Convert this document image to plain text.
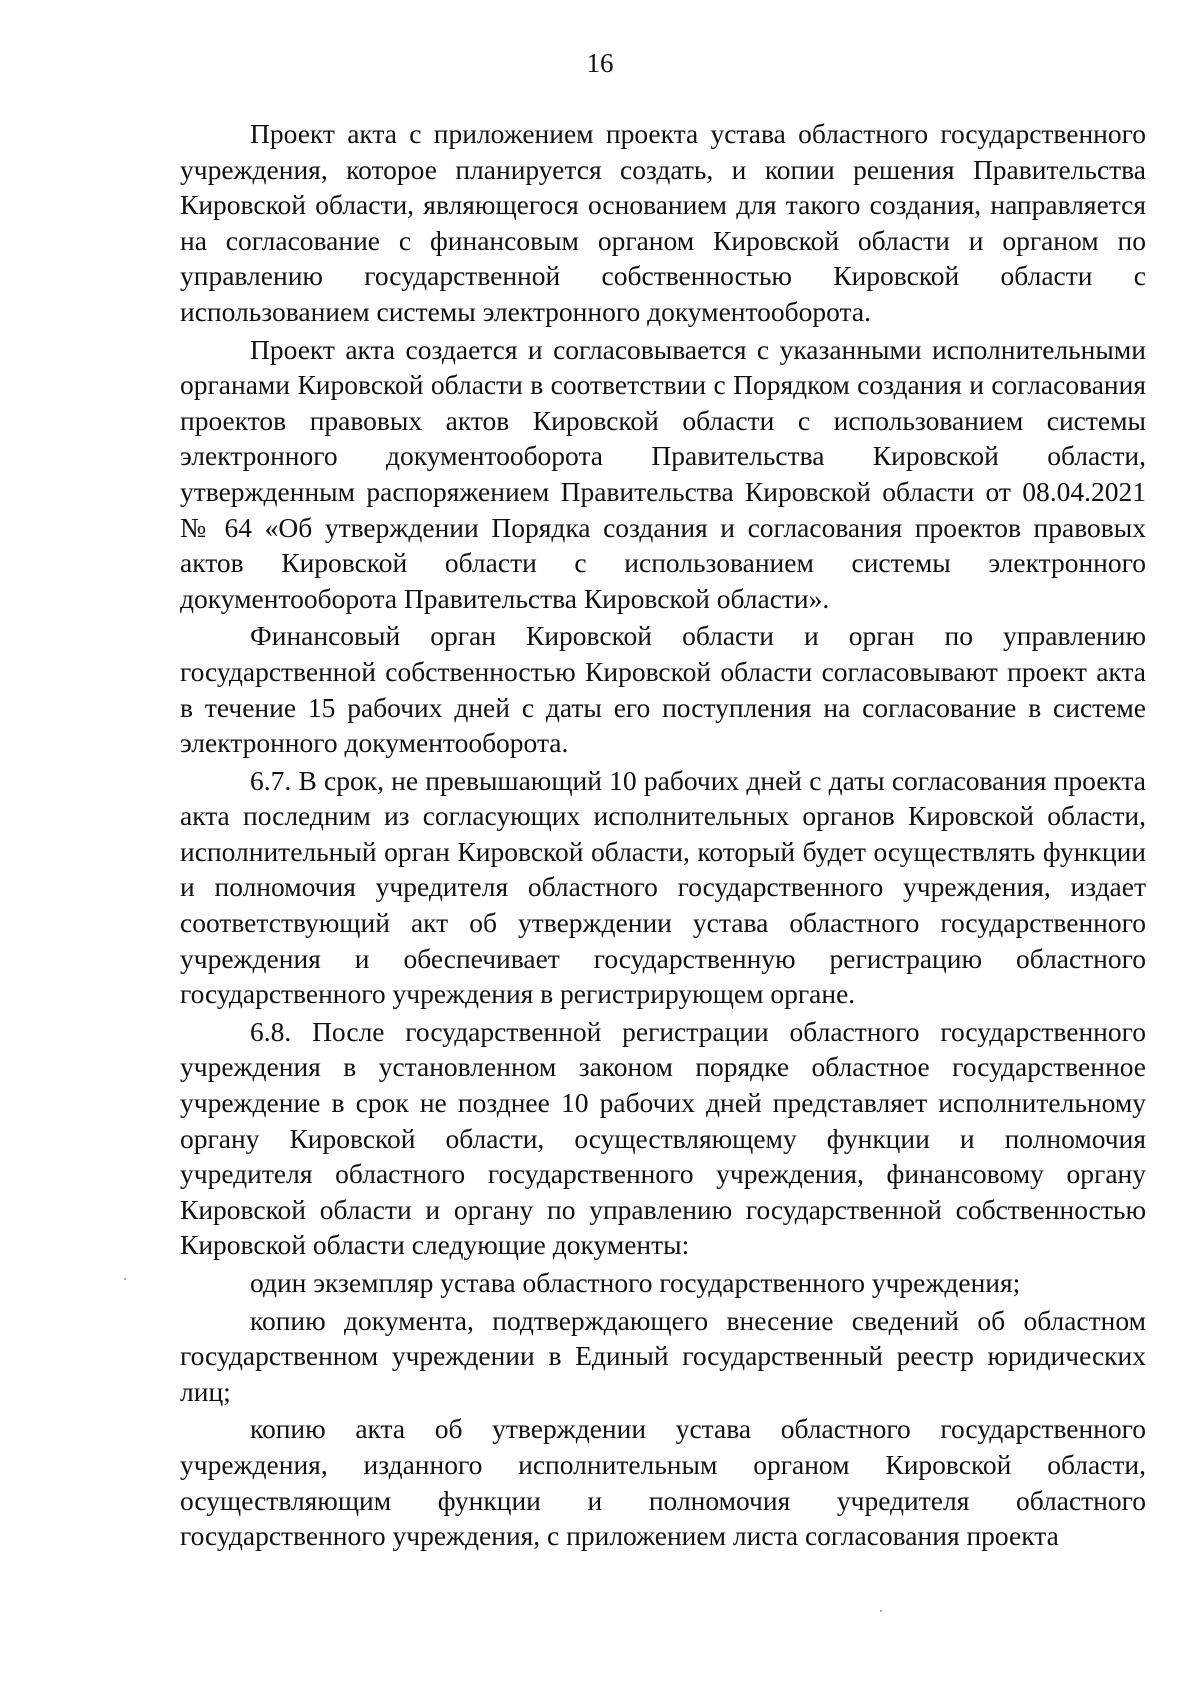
16

Проект акта с приложением проекта устава областного государственного учреждения, которое планируется создать, и копии решения Правительства Кировской области, являющегося основанием для такого создания, направляется на согласование с финансовым органом Кировской области и органом по управлению государственной собственностью Кировской области с использованием системы электронного документооборота.

Проект акта создается и согласовывается с указанными исполнительными органами Кировской области в соответствии с Порядком создания и согласования проектов правовых актов Кировской области с использованием системы электронного документооборота Правительства Кировской области, утвержденным распоряжением Правительства Кировской области от 08.04.2021 № 64 «Об утверждении Порядка создания и согласования проектов правовых актов Кировской области с использованием системы электронного документооборота Правительства Кировской области».

Финансовый орган Кировской области и орган по управлению государственной собственностью Кировской области согласовывают проект акта в течение 15 рабочих дней с даты его поступления на согласование в системе электронного документооборота.

6.7. В срок, не превышающий 10 рабочих дней с даты согласования проекта акта последним из согласующих исполнительных органов Кировской области, исполнительный орган Кировской области, который будет осуществлять функции и полномочия учредителя областного государственного учреждения, издает соответствующий акт об утверждении устава областного государственного учреждения и обеспечивает государственную регистрацию областного государственного учреждения в регистрирующем органе.

6.8. После государственной регистрации областного государственного учреждения в установленном законом порядке областное государственное учреждение в срок не позднее 10 рабочих дней представляет исполнительному органу Кировской области, осуществляющему функции и полномочия учредителя областного государственного учреждения, финансовому органу Кировской области и органу по управлению государственной собственностью Кировской области следующие документы:

один экземпляр устава областного государственного учреждения;

копию документа, подтверждающего внесение сведений об областном государственном учреждении в Единый государственный реестр юридических лиц;

копию акта об утверждении устава областного государственного учреждения, изданного исполнительным органом Кировской области, осуществляющим функции и полномочия учредителя областного государственного учреждения, с приложением листа согласования проекта
